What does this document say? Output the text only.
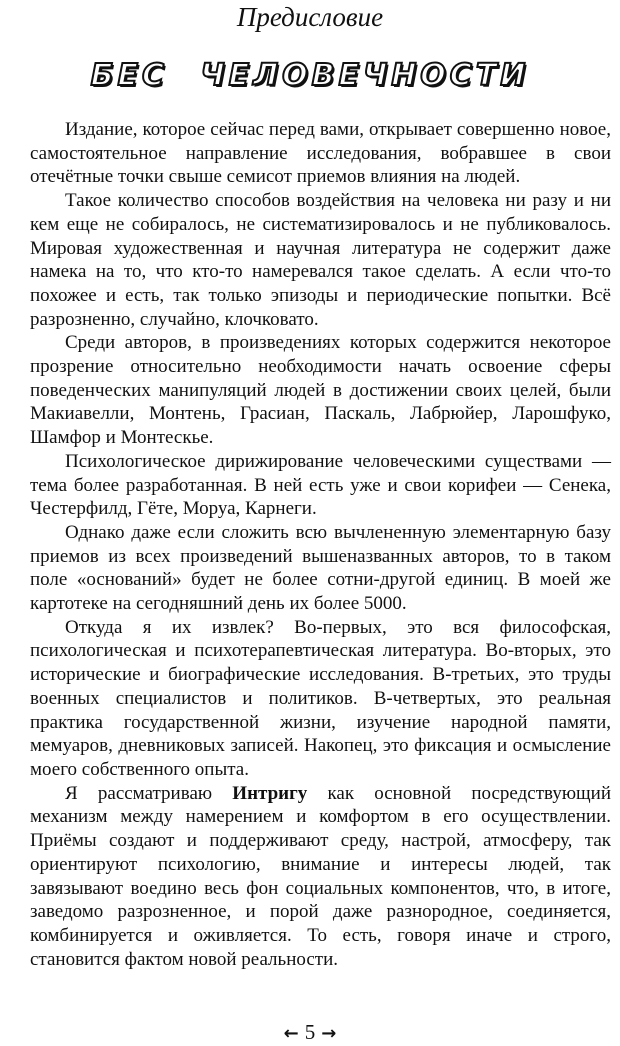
Предисловие
БЕС ЧЕЛОВЕЧНОСТИ

Издание, которое сейчас перед вами, открывает совершенно новое, самостоятельное направление исследования, вобравшее в свои отечётные точки свыше семисот приемов влияния на людей.

Такое количество способов воздействия на человека ни разу и ни кем еще не собиралось, не систематизировалось и не публиковалось. Мировая художественная и научная литература не содержит даже намека на то, что кто-то намеревался такое сделать. А если что-то похожее и есть, так только эпизоды и периодические попытки. Всё разрозненно, случайно, клочковато.

Среди авторов, в произведениях которых содержится некоторое прозрение относительно необходимости начать освоение сферы поведенческих манипуляций людей в достижении своих целей, были Макиавелли, Монтень, Грасиан, Паскаль, Лабрюйер, Ларошфуко, Шамфор и Монтескье.

Психологическое дирижирование человеческими существами — тема более разработанная. В ней есть уже и свои корифеи — Сенека, Честерфилд, Гёте, Моруа, Карнеги.

Однако даже если сложить всю вычлененную элементарную базу приемов из всех произведений вышеназванных авторов, то в таком поле «оснований» будет не более сотни-другой единиц. В моей же картотеке на сегодняшний день их более 5000.

Откуда я их извлек? Во-первых, это вся философская, психологическая и психотерапевтическая литература. Во-вторых, это исторические и биографические исследования. В-третьих, это труды военных специалистов и политиков. В-четвертых, это реальная практика государственной жизни, изучение народной памяти, мемуаров, дневниковых записей. Накопец, это фиксация и осмысление моего собственного опыта.

Я рассматриваю Интригу как основной посредствующий механизм между намерением и комфортом в его осуществлении. Приёмы создают и поддерживают среду, настрой, атмосферу, так ориентируют психологию, внимание и интересы людей, так завязывают воедино весь фон социальных компонентов, что, в итоге, заведомо разрозненное, и порой даже разнородное, соединяется, комбинируется и оживляется. То есть, говоря иначе и строго, становится фактом новой реальности.

← 5 →
